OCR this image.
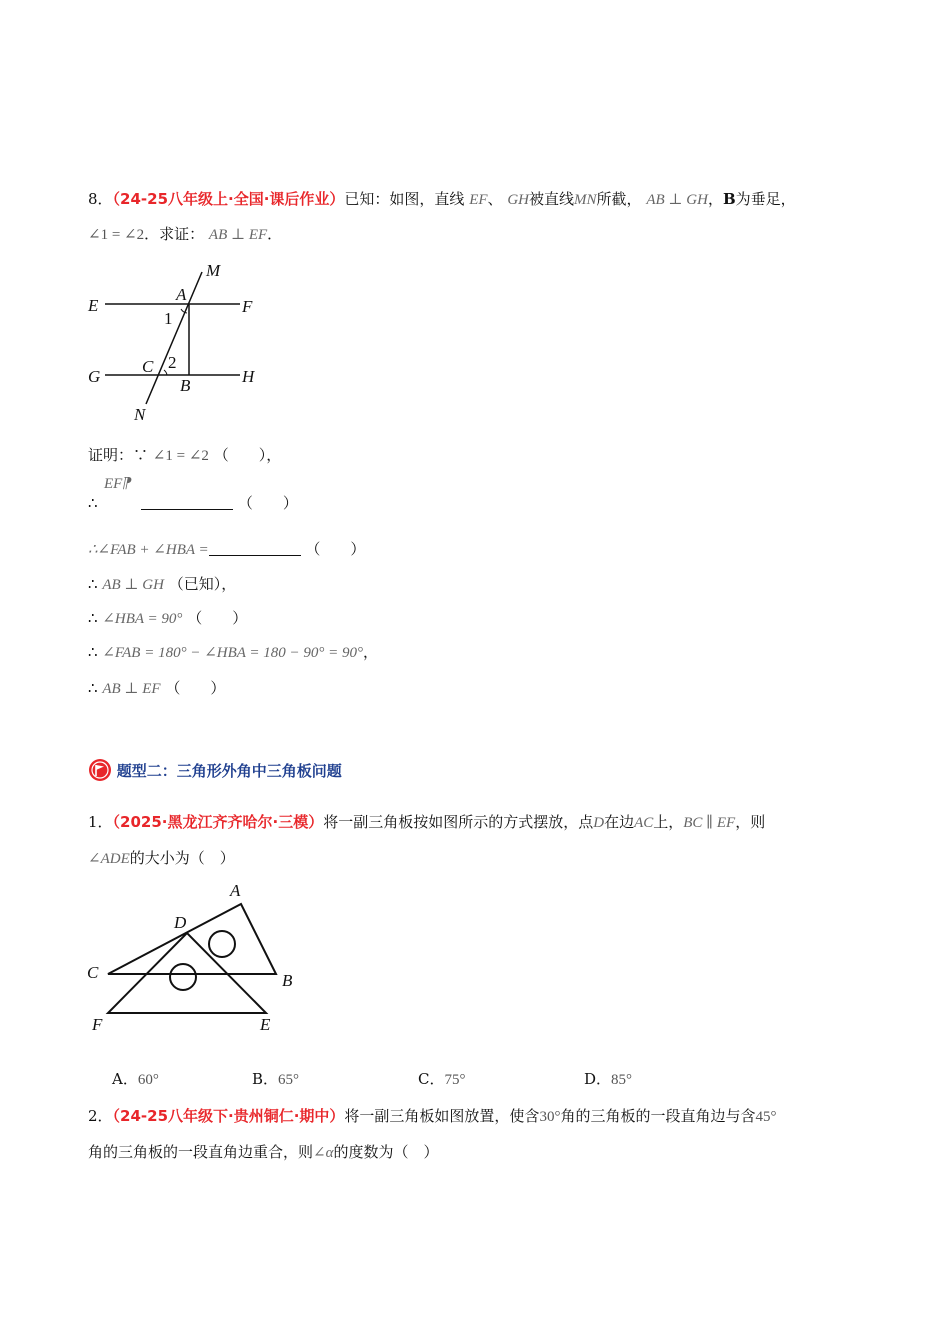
8．（24-25八年级上·全国·课后作业）已知：如图，直线 EF、 GH被直线MN所截， AB ⊥ GH，B为垂足，
∠1 = ∠2．求证： AB ⊥ EF．
M
E
A
F
1
C 2
G	B	H
N
证明：∵ ∠1 = ∠2 （　　），
EF⁋
∴	（　　）
∴∠FAB + ∠HBA =	（　　）
∴ AB ⊥ GH （已知），
∴ ∠HBA = 90° （　　）
∴ ∠FAB = 180° − ∠HBA = 180 − 90° = 90°，
∴ AB ⊥ EF （　　）
题型二：三角形外角中三角板问题
1．（2025·黑龙江齐齐哈尔·三模）将一副三角板按如图所示的方式摆放，点D在边AC上，BC ∥ EF，则
∠ADE的大小为（　）
A
D
C	B
F	E
A．60°	B．65°	C．75°	D．85°
2．（24-25八年级下·贵州铜仁·期中）将一副三角板如图放置，使含30°角的三角板的一段直角边与含45°
角的三角板的一段直角边重合，则∠α的度数为（　）
